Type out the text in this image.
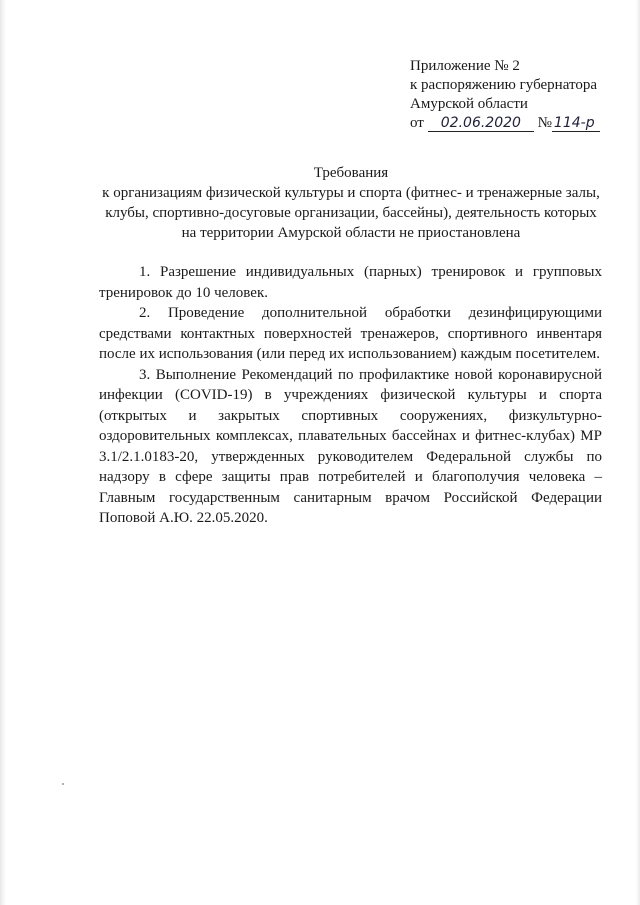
Приложение № 2
к распоряжению губернатора
Амурской области
от 02.06.2020 № 114-р
Требования
к организациям физической культуры и спорта (фитнес- и тренажерные залы,
клубы, спортивно-досуговые организации, бассейны), деятельность которых
на территории Амурской области не приостановлена

1. Разрешение индивидуальных (парных) тренировок и групповых тренировок до 10 человек.

2. Проведение дополнительной обработки дезинфицирующими средствами контактных поверхностей тренажеров, спортивного инвентаря после их использования (или перед их использованием) каждым посетителем.

3. Выполнение Рекомендаций по профилактике новой коронавирусной инфекции (COVID-19) в учреждениях физической культуры и спорта (открытых и закрытых спортивных сооружениях, физкультурно-оздоровительных комплексах, плавательных бассейнах и фитнес-клубах) МР 3.1/2.1.0183-20, утвержденных руководителем Федеральной службы по надзору в сфере защиты прав потребителей и благополучия человека – Главным государственным санитарным врачом Российской Федерации Поповой А.Ю. 22.05.2020.
